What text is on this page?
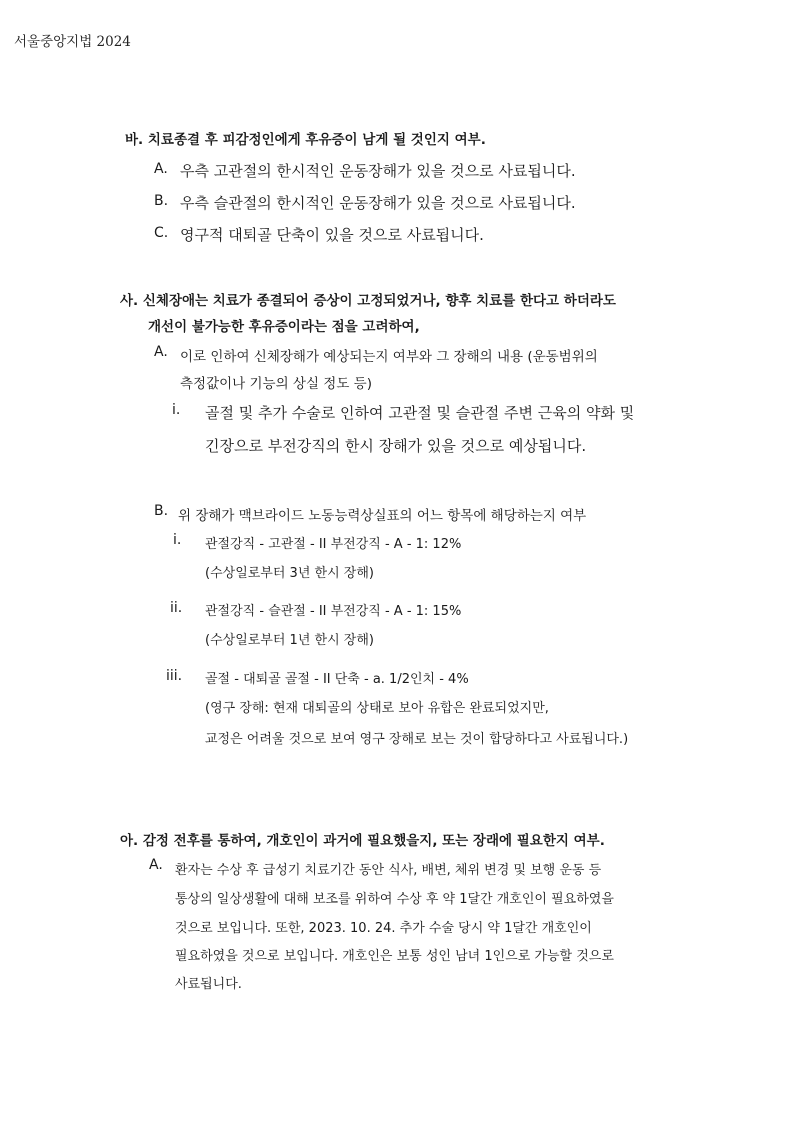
서울중앙지법 2024

바. 치료종결 후 피감정인에게 후유증이 남게 될 것인지 여부.

A. 우측 고관절의 한시적인 운동장해가 있을 것으로 사료됩니다.

B. 우측 슬관절의 한시적인 운동장해가 있을 것으로 사료됩니다.

C. 영구적 대퇴골 단축이 있을 것으로 사료됩니다.

사. 신체장애는 치료가 종결되어 증상이 고정되었거나, 향후 치료를 한다고 하더라도

개선이 불가능한 후유증이라는 점을 고려하여,

A. 이로 인하여 신체장해가 예상되는지 여부와 그 장해의 내용 (운동범위의

측정값이나 기능의 상실 정도 등)

i. 골절 및 추가 수술로 인하여 고관절 및 슬관절 주변 근육의 약화 및

긴장으로 부전강직의 한시 장해가 있을 것으로 예상됩니다.

B. 위 장해가 맥브라이드 노동능력상실표의 어느 항목에 해당하는지 여부

i. 관절강직 - 고관절 - II 부전강직 - A - 1: 12%

(수상일로부터 3년 한시 장해)

ii. 관절강직 - 슬관절 - II 부전강직 - A - 1: 15%

(수상일로부터 1년 한시 장해)

iii. 골절 - 대퇴골 골절 - II 단축 - a. 1/2인치 - 4%

(영구 장해: 현재 대퇴골의 상태로 보아 유합은 완료되었지만,

교정은 어려울 것으로 보여 영구 장해로 보는 것이 합당하다고 사료됩니다.)

아. 감정 전후를 통하여, 개호인이 과거에 필요했을지, 또는 장래에 필요한지 여부.

A. 환자는 수상 후 급성기 치료기간 동안 식사, 배변, 체위 변경 및 보행 운동 등

통상의 일상생활에 대해 보조를 위하여 수상 후 약 1달간 개호인이 필요하였을

것으로 보입니다. 또한, 2023. 10. 24. 추가 수술 당시 약 1달간 개호인이

필요하였을 것으로 보입니다. 개호인은 보통 성인 남녀 1인으로 가능할 것으로

사료됩니다.
